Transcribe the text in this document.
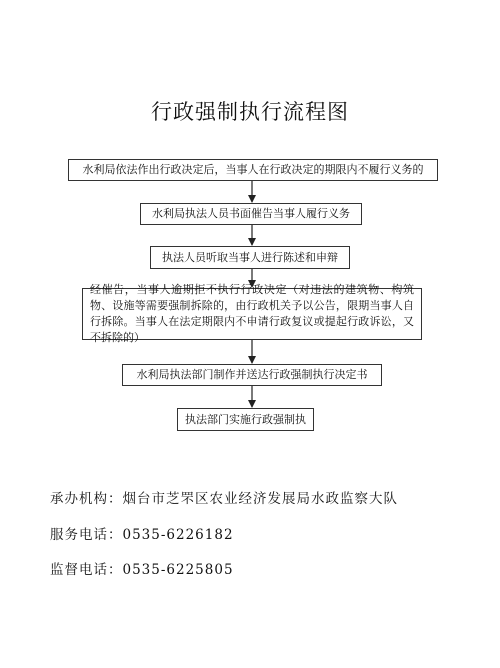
行政强制执行流程图
水利局依法作出行政决定后，当事人在行政决定的期限内不履行义务的
水利局执法人员书面催告当事人履行义务
执法人员听取当事人进行陈述和申辩
经催告，当事人逾期拒不执行行政决定（对违法的建筑物、构筑物、设施等需要强制拆除的，由行政机关予以公告，限期当事人自行拆除。当事人在法定期限内不申请行政复议或提起行政诉讼，又不拆除的）
水利局执法部门制作并送达行政强制执行决定书
执法部门实施行政强制执
承办机构：烟台市芝罘区农业经济发展局水政监察大队
服务电话：0535-6226182
监督电话：0535-6225805
